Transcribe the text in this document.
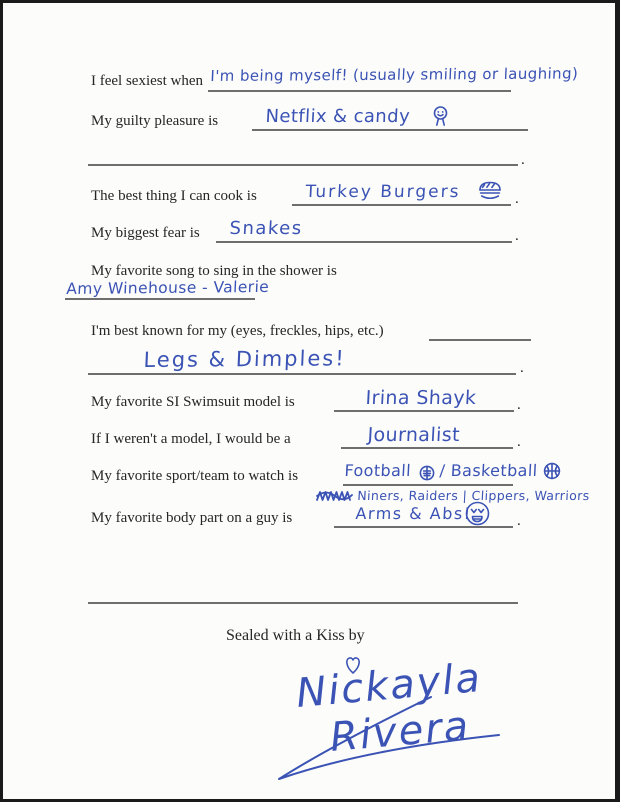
I feel sexiest when I'm being myself! (usually smiling or laughing)
My guilty pleasure is	Netflix & candy
.
The best thing I can cook is	Turkey Burgers	.
My biggest fear is Snakes	.
My favorite song to sing in the shower is
Amy Winehouse - Valerie
I'm best known for my (eyes, freckles, hips, etc.)
Legs & Dimples!	.
My favorite SI Swimsuit model is	Irina Shayk	.
If I weren't a model, I would be a	Journalist	.
My favorite sport/team to watch is	Football / Basketball
Niners, Raiders | Clippers, Warriors
My favorite body part on a guy is	Arms & Abs!	.
Sealed with a Kiss by
Nickayla
Rivera
